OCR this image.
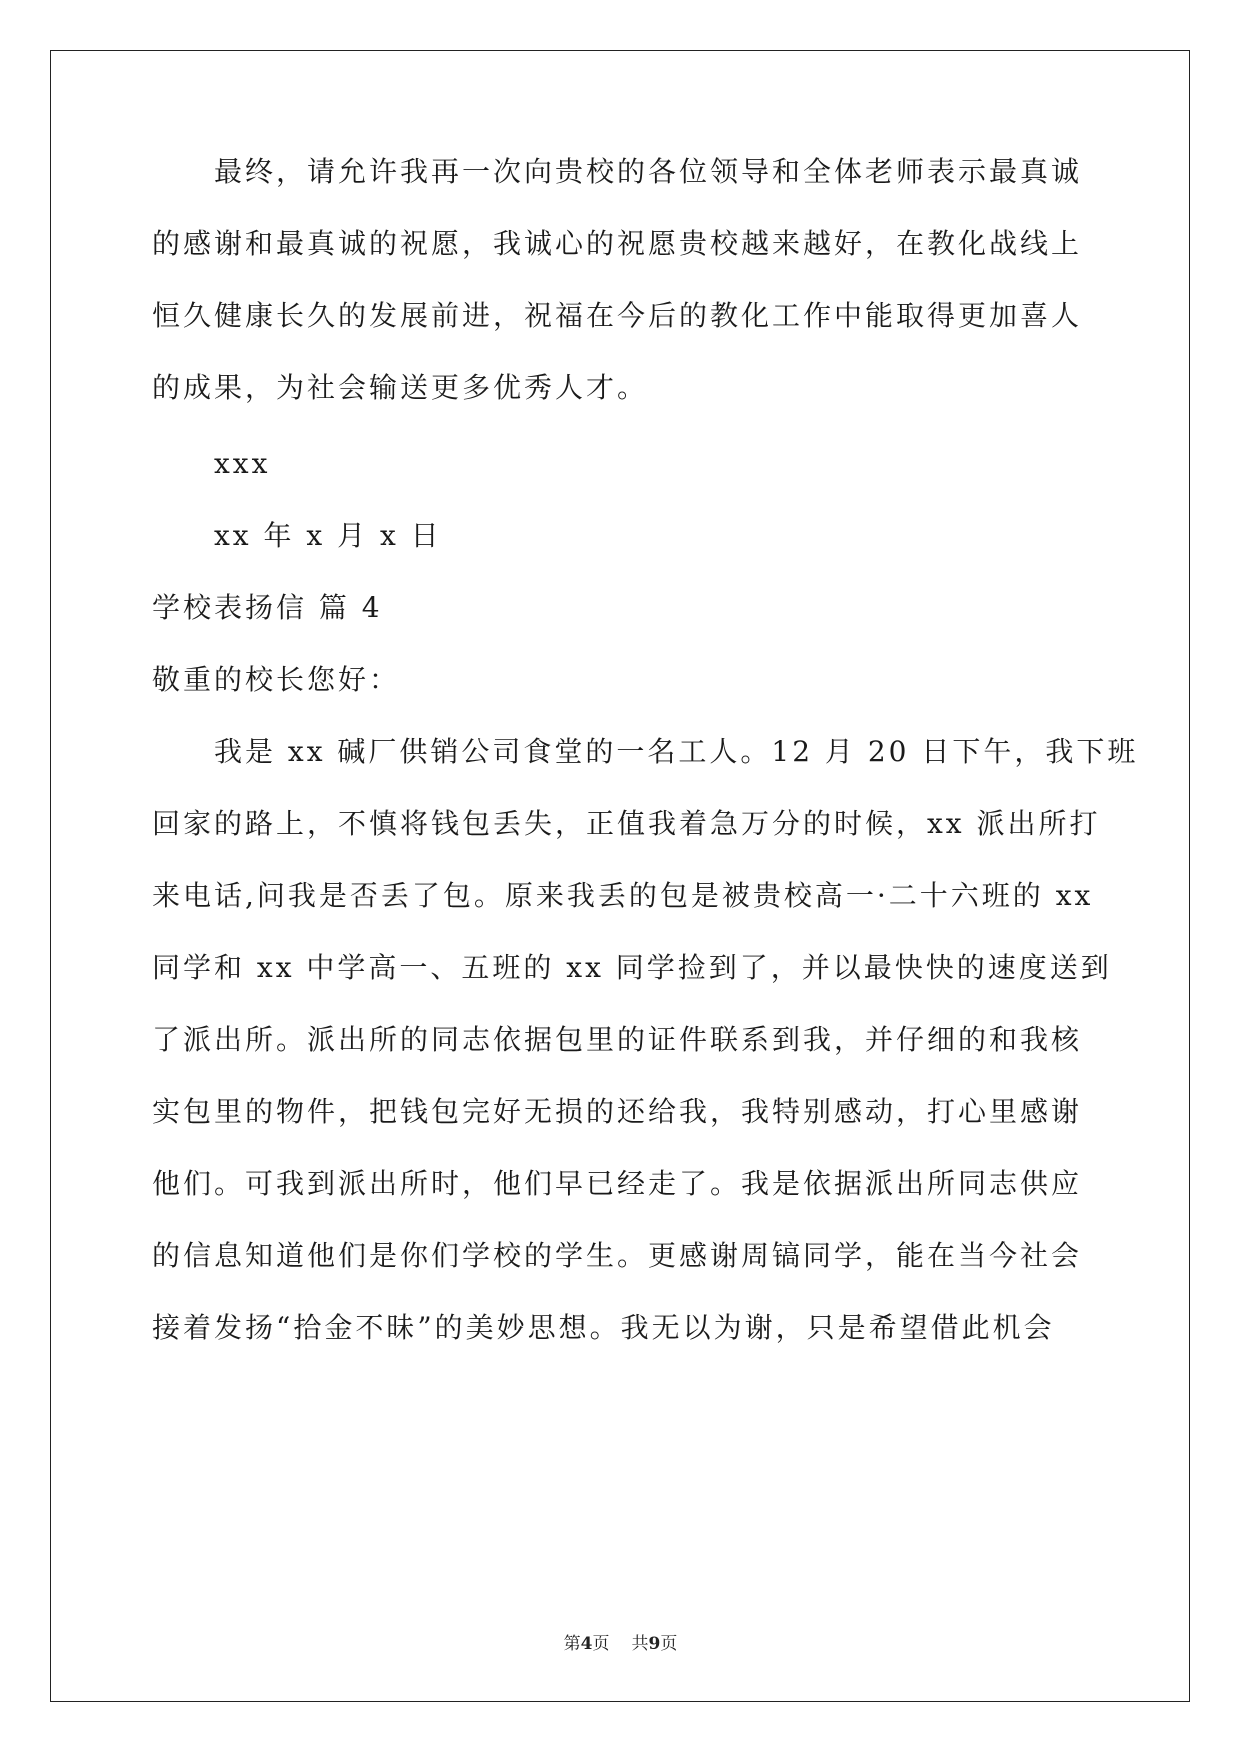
最终，请允许我再一次向贵校的各位领导和全体老师表示最真诚
的感谢和最真诚的祝愿，我诚心的祝愿贵校越来越好，在教化战线上
恒久健康长久的发展前进，祝福在今后的教化工作中能取得更加喜人
的成果，为社会输送更多优秀人才。
xxx
xx 年 x 月 x 日
学校表扬信 篇 4
敬重的校长您好：
我是 xx 碱厂供销公司食堂的一名工人。12 月 20 日下午，我下班
回家的路上，不慎将钱包丢失，正值我着急万分的时候，xx 派出所打
来电话,问我是否丢了包。原来我丢的包是被贵校高一·二十六班的 xx
同学和 xx 中学高一、五班的 xx 同学捡到了，并以最快快的速度送到
了派出所。派出所的同志依据包里的证件联系到我，并仔细的和我核
实包里的物件，把钱包完好无损的还给我，我特别感动，打心里感谢
他们。可我到派出所时，他们早已经走了。我是依据派出所同志供应
的信息知道他们是你们学校的学生。更感谢周镐同学，能在当今社会
接着发扬“拾金不昧”的美妙思想。我无以为谢，只是希望借此机会
第4页 共9页
